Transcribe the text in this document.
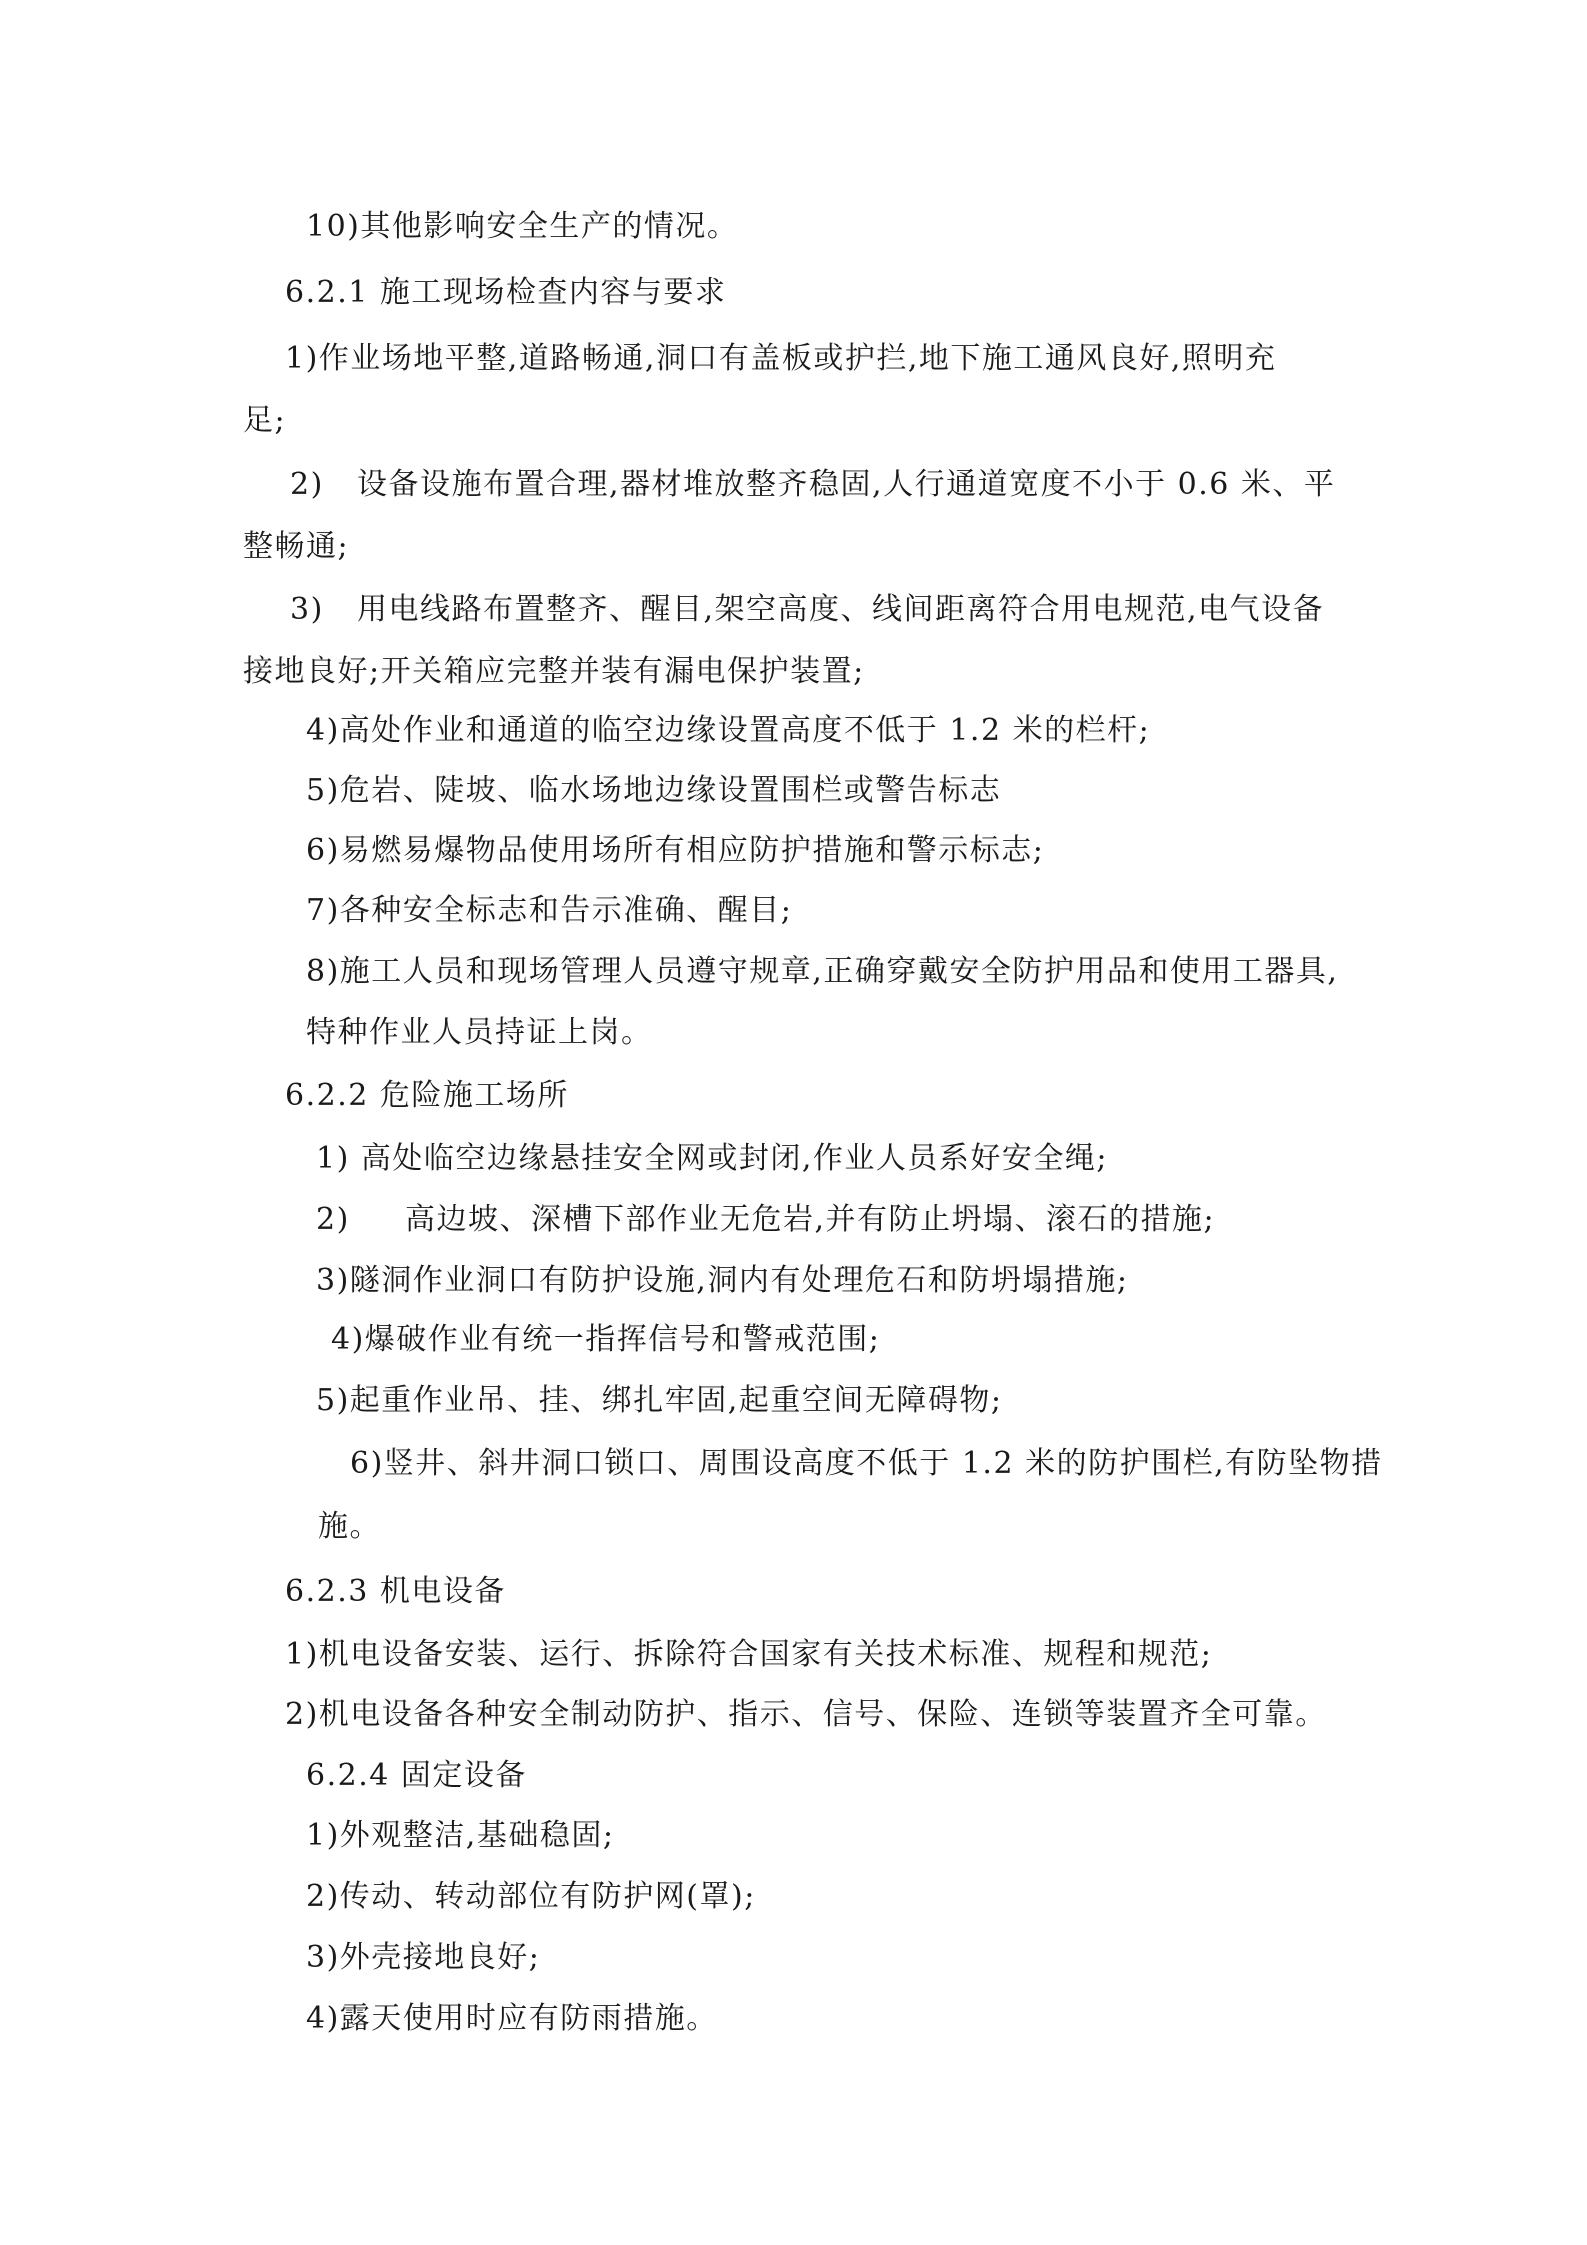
10)其他影响安全生产的情况。
6.2.1 施工现场检查内容与要求
1)作业场地平整,道路畅通,洞口有盖板或护拦,地下施工通风良好,照明充
足;
2) 设备设施布置合理,器材堆放整齐稳固,人行通道宽度不小于 0.6 米、平
整畅通;
3) 用电线路布置整齐、醒目,架空高度、线间距离符合用电规范,电气设备
接地良好;开关箱应完整并装有漏电保护装置;
4)高处作业和通道的临空边缘设置高度不低于 1.2 米的栏杆;
5)危岩、陡坡、临水场地边缘设置围栏或警告标志
6)易燃易爆物品使用场所有相应防护措施和警示标志;
7)各种安全标志和告示准确、醒目;
8)施工人员和现场管理人员遵守规章,正确穿戴安全防护用品和使用工器具,
特种作业人员持证上岗。
6.2.2 危险施工场所
1) 高处临空边缘悬挂安全网或封闭,作业人员系好安全绳;
2) 高边坡、深槽下部作业无危岩,并有防止坍塌、滚石的措施;
3)隧洞作业洞口有防护设施,洞内有处理危石和防坍塌措施;
4)爆破作业有统一指挥信号和警戒范围;
5)起重作业吊、挂、绑扎牢固,起重空间无障碍物;
6)竖井、斜井洞口锁口、周围设高度不低于 1.2 米的防护围栏,有防坠物措
施。
6.2.3 机电设备
1)机电设备安装、运行、拆除符合国家有关技术标准、规程和规范;
2)机电设备各种安全制动防护、指示、信号、保险、连锁等装置齐全可靠。
6.2.4 固定设备
1)外观整洁,基础稳固;
2)传动、转动部位有防护网(罩);
3)外壳接地良好;
4)露天使用时应有防雨措施。
